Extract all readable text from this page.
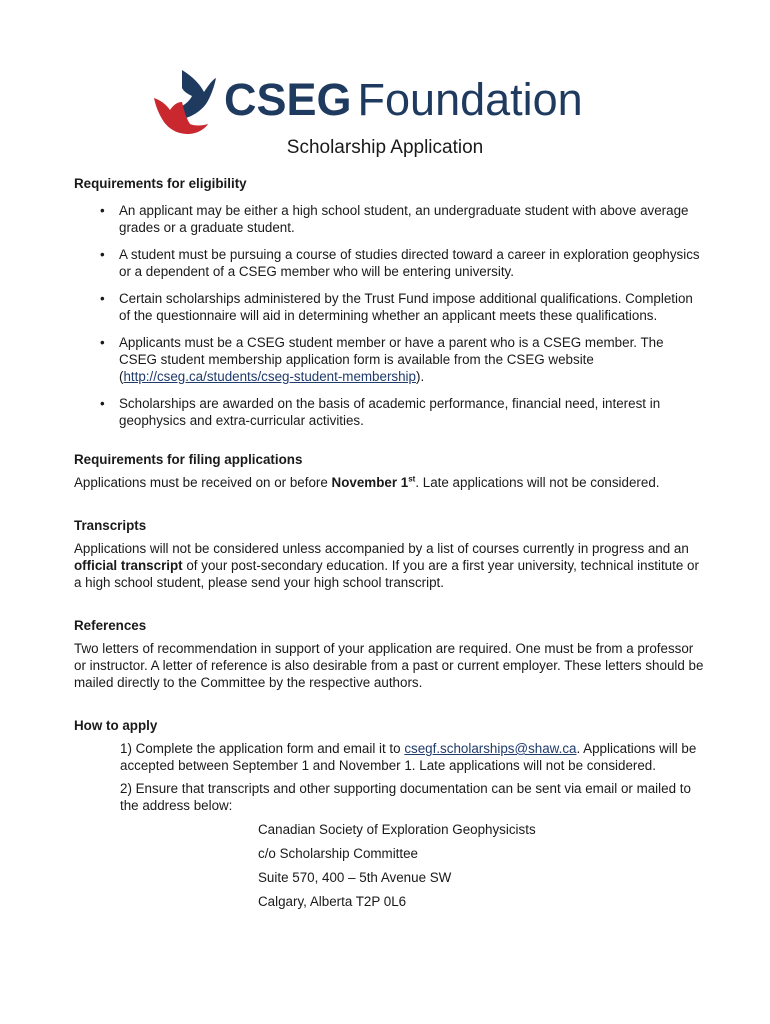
CSEG Foundation
Scholarship Application

Requirements for eligibility

• An applicant may be either a high school student, an undergraduate student with above average grades or a graduate student.
• A student must be pursuing a course of studies directed toward a career in exploration geophysics or a dependent of a CSEG member who will be entering university.
• Certain scholarships administered by the Trust Fund impose additional qualifications. Completion of the questionnaire will aid in determining whether an applicant meets these qualifications.
• Applicants must be a CSEG student member or have a parent who is a CSEG member. The CSEG student membership application form is available from the CSEG website (http://cseg.ca/students/cseg-student-membership).
• Scholarships are awarded on the basis of academic performance, financial need, interest in geophysics and extra-curricular activities.

Requirements for filing applications

Applications must be received on or before November 1st. Late applications will not be considered.

Transcripts

Applications will not be considered unless accompanied by a list of courses currently in progress and an official transcript of your post-secondary education. If you are a first year university, technical institute or a high school student, please send your high school transcript.

References

Two letters of recommendation in support of your application are required. One must be from a professor or instructor. A letter of reference is also desirable from a past or current employer. These letters should be mailed directly to the Committee by the respective authors.

How to apply

1) Complete the application form and email it to csegf.scholarships@shaw.ca. Applications will be accepted between September 1 and November 1. Late applications will not be considered.

2) Ensure that transcripts and other supporting documentation can be sent via email or mailed to the address below:

Canadian Society of Exploration Geophysicists
c/o Scholarship Committee
Suite 570, 400 – 5th Avenue SW
Calgary, Alberta T2P 0L6
